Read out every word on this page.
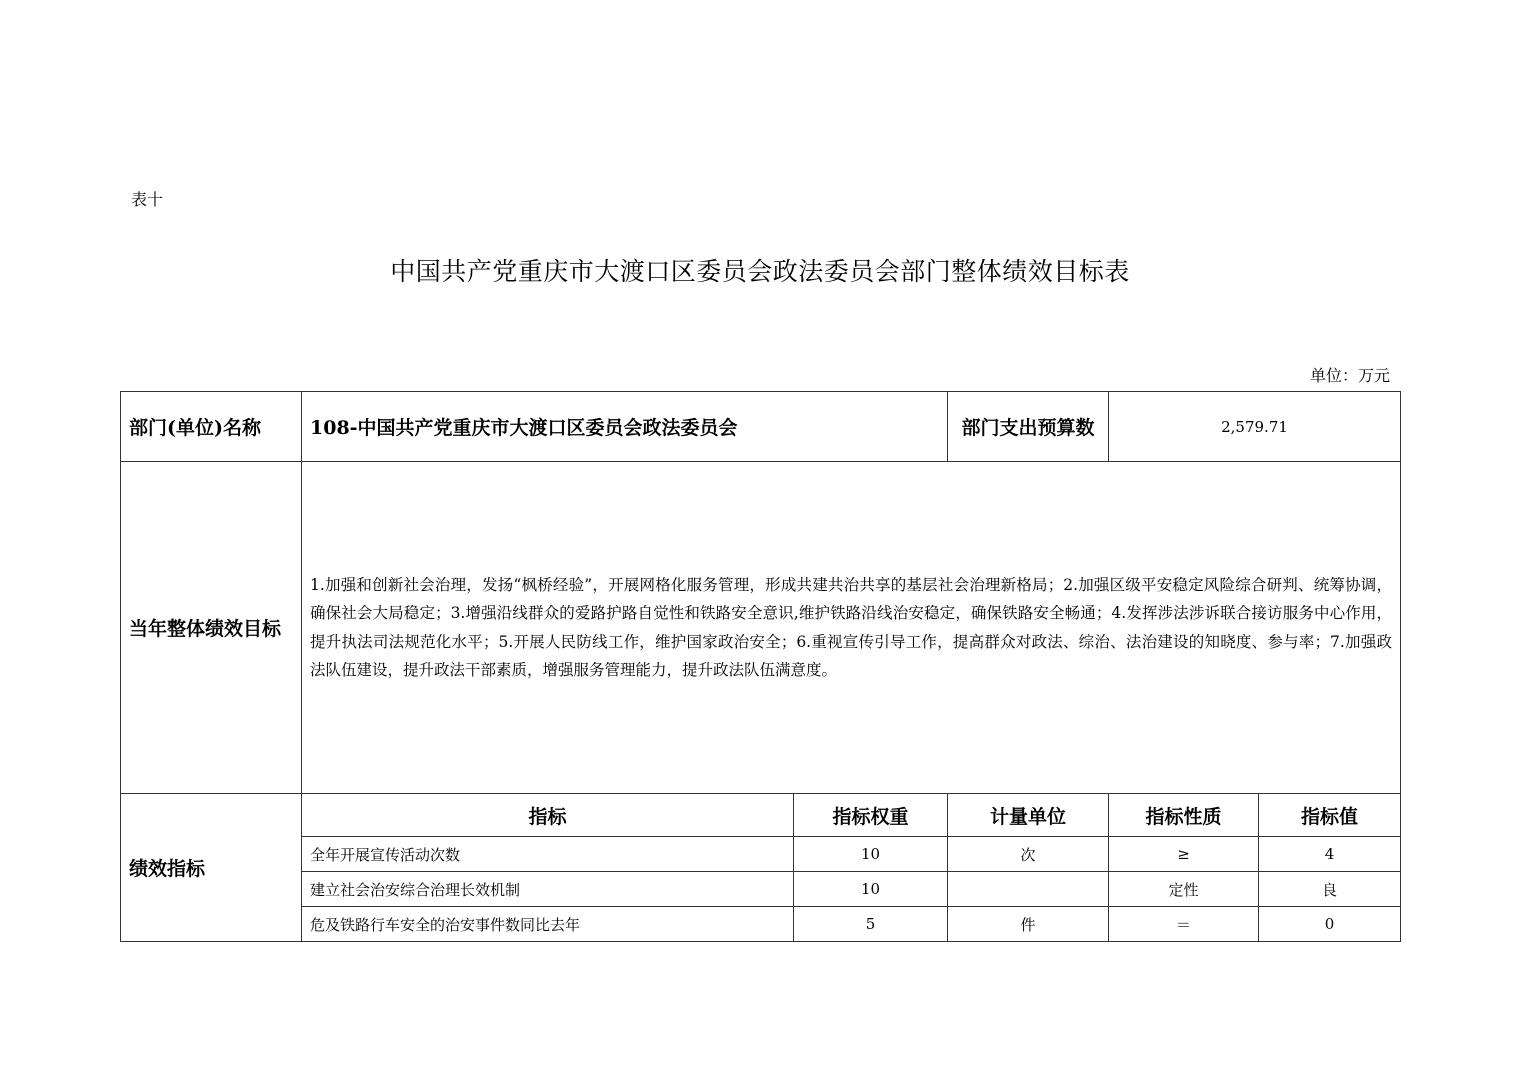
表十
中国共产党重庆市大渡口区委员会政法委员会部门整体绩效目标表
单位：万元
部门(单位)名称	108-中国共产党重庆市大渡口区委员会政法委员会		部门支出预算数	2,579.71	
当年整体绩效目标	1.加强和创新社会治理，发扬“枫桥经验”，开展网格化服务管理，形成共建共治共享的基层社会治理新格局；2.加强区级平安稳定风险综合研判、统筹协调，确保社会大局稳定；3.增强沿线群众的爱路护路自觉性和铁路安全意识,维护铁路沿线治安稳定，确保铁路安全畅通；4.发挥涉法涉诉联合接访服务中心作用，提升执法司法规范化水平；5.开展人民防线工作，维护国家政治安全；6.重视宣传引导工作，提高群众对政法、综治、法治建设的知晓度、参与率；7.加强政法队伍建设，提升政法干部素质，增强服务管理能力，提升政法队伍满意度。				
绩效指标	指标	指标权重	计量单位	指标性质	指标值
	全年开展宣传活动次数	10	次	≥	4
	建立社会治安综合治理长效机制	10		定性	良
	危及铁路行车安全的治安事件数同比去年	5	件	＝	0
